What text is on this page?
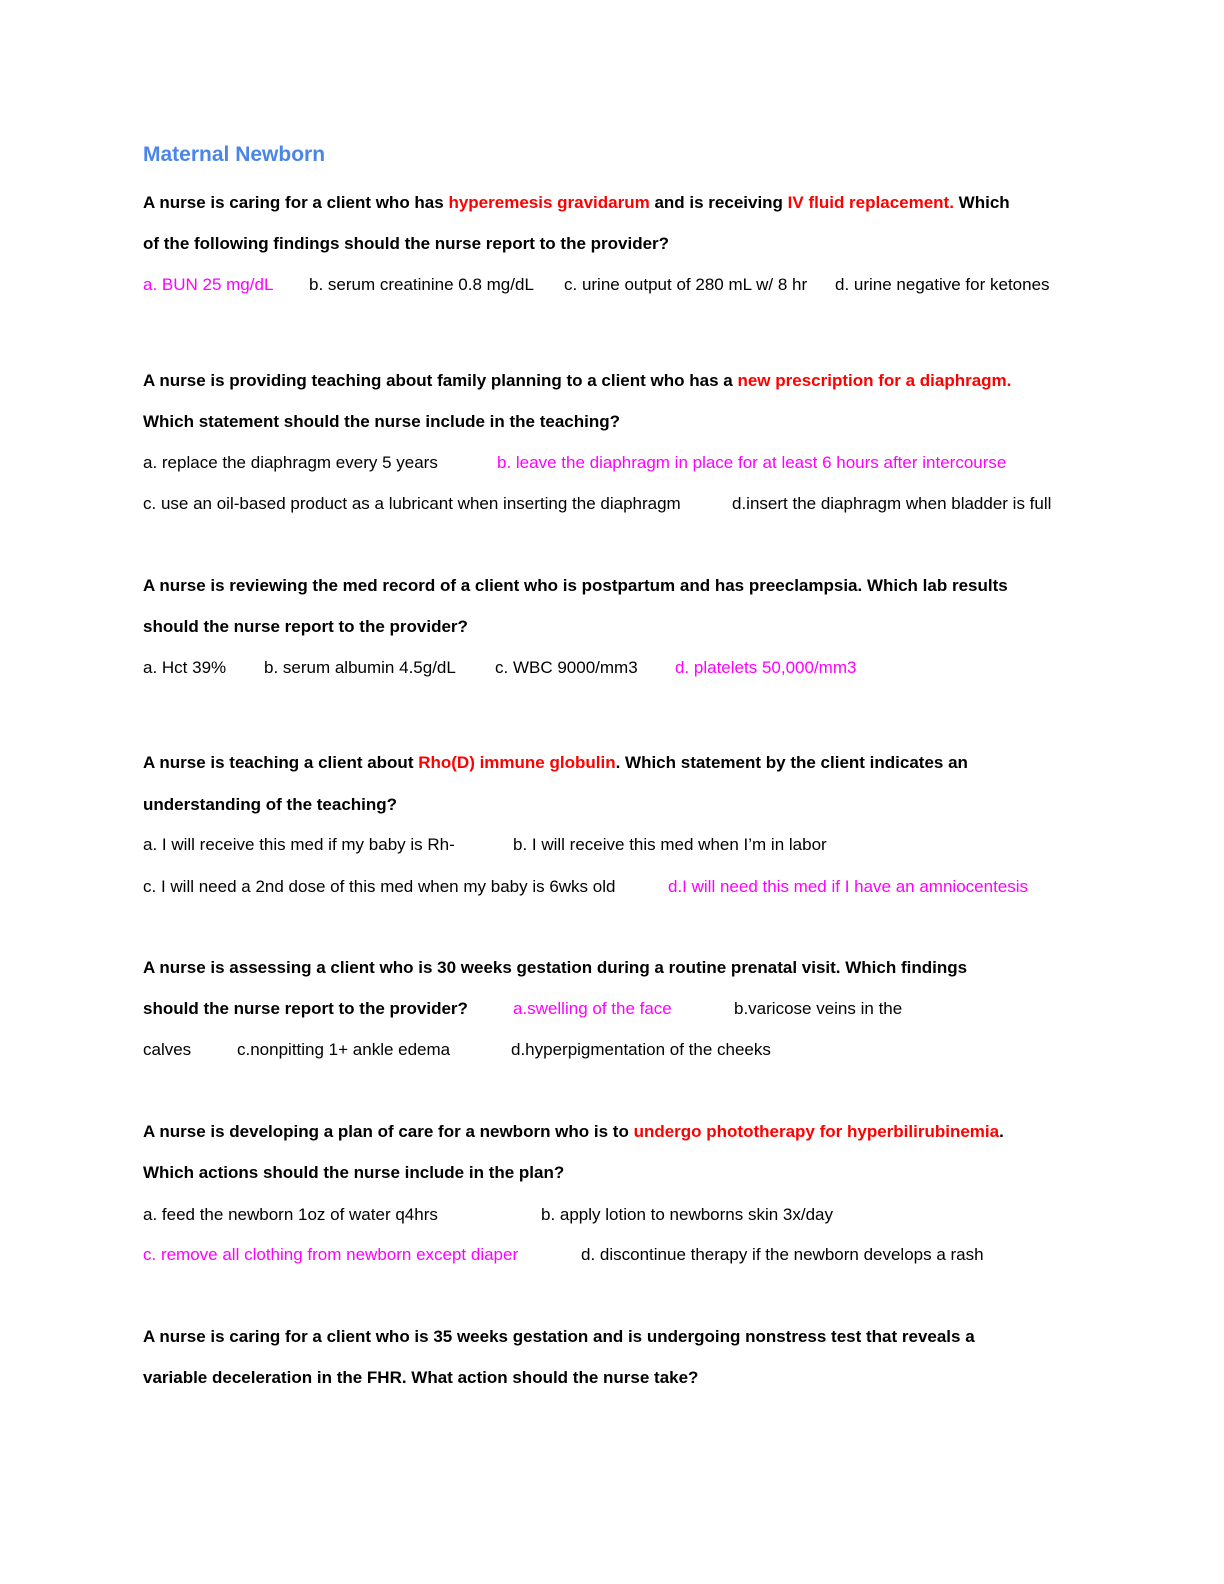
Maternal Newborn
A nurse is caring for a client who has hyperemesis gravidarum and is receiving IV fluid replacement. Which
of the following findings should the nurse report to the provider?
a. BUN 25 mg/dL b. serum creatinine 0.8 mg/dL c. urine output of 280 mL w/ 8 hr d. urine negative for ketones
A nurse is providing teaching about family planning to a client who has a new prescription for a diaphragm.
Which statement should the nurse include in the teaching?
a. replace the diaphragm every 5 years	b. leave the diaphragm in place for at least 6 hours after intercourse
c. use an oil-based product as a lubricant when inserting the diaphragm	d.insert the diaphragm when bladder is full
A nurse is reviewing the med record of a client who is postpartum and has preeclampsia. Which lab results
should the nurse report to the provider?
a. Hct 39% b. serum albumin 4.5g/dL c. WBC 9000/mm3 d. platelets 50,000/mm3
A nurse is teaching a client about Rho(D) immune globulin. Which statement by the client indicates an
understanding of the teaching?
a. I will receive this med if my baby is Rh-	b. I will receive this med when I’m in labor
c. I will need a 2nd dose of this med when my baby is 6wks old	d.I will need this med if I have an amniocentesis
A nurse is assessing a client who is 30 weeks gestation during a routine prenatal visit. Which findings
should the nurse report to the provider?	a.swelling of the face	b.varicose veins in the
calves	c.nonpitting 1+ ankle edema	d.hyperpigmentation of the cheeks
A nurse is developing a plan of care for a newborn who is to undergo phototherapy for hyperbilirubinemia.
Which actions should the nurse include in the plan?
a. feed the newborn 1oz of water q4hrs	b. apply lotion to newborns skin 3x/day
c. remove all clothing from newborn except diaper	d. discontinue therapy if the newborn develops a rash
A nurse is caring for a client who is 35 weeks gestation and is undergoing nonstress test that reveals a
variable deceleration in the FHR. What action should the nurse take?
